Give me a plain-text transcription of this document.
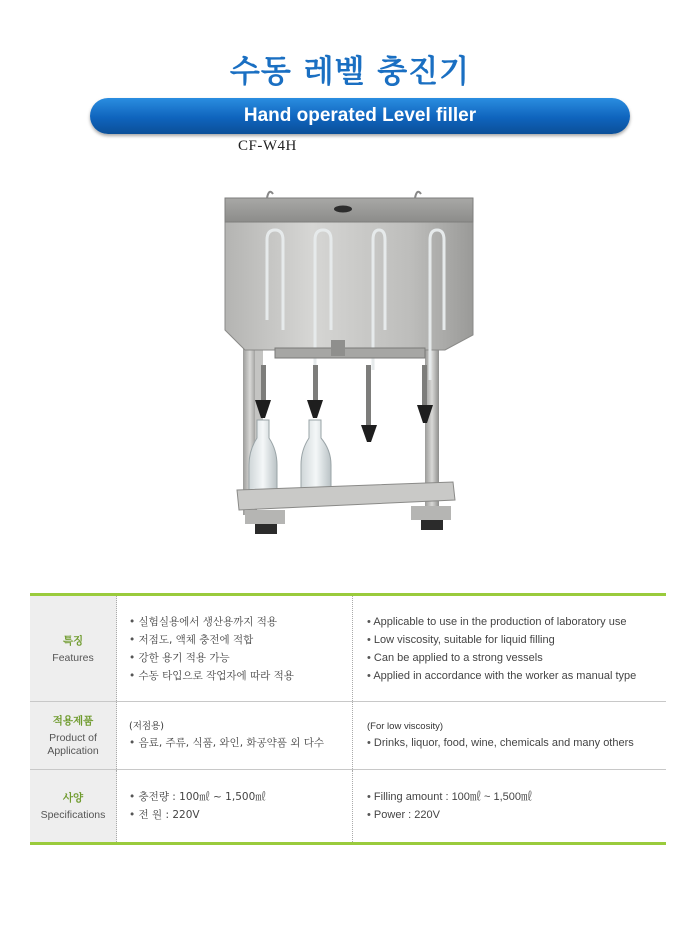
수동 레벨 충진기
Hand operated Level filler
CF-W4H
특징
Features
• 실험실용에서 생산용까지 적용
• 저점도, 액체 충전에 적합
• 강한 용기 적용 가능
• 수동 타입으로 작업자에 따라 적용
• Applicable to use in the production of laboratory use
• Low viscosity, suitable for liquid filling
• Can be applied to a strong vessels
• Applied in accordance with the worker as manual type
적용제품
Product of
Application
(저점용)
• 음료, 주류, 식품, 와인, 화공약품 외 다수
(For low viscosity)
• Drinks, liquor, food, wine, chemicals and many others
사양
Specifications
• 충전량 : 100㎖ ~ 1,500㎖
• 전 원 : 220V
• Filling amount : 100㎖ ~ 1,500㎖
• Power : 220V
